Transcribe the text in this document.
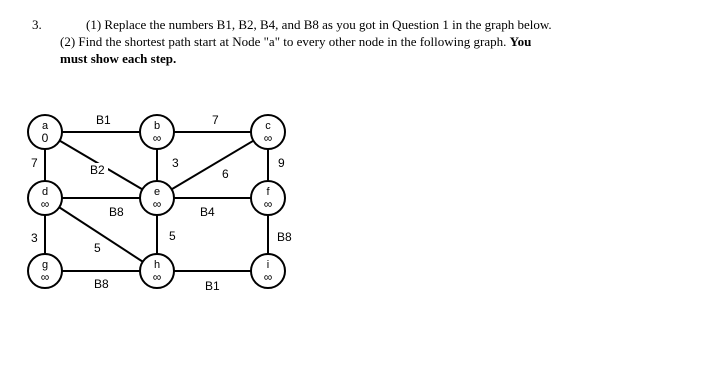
3.	(1) Replace the numbers B1, B2, B4, and B8 as you got in Question 1 in the graph below.
(2) Find the shortest path start at Node "a" to every other node in the following graph. You
must show each step.
B1	7
7	B2	3
6
9
B8	B4
3
5
5	B8
B8	B1
a
0
b
∞
c
∞
d
∞
e
∞
f
∞
g
∞
h
∞
i
∞
